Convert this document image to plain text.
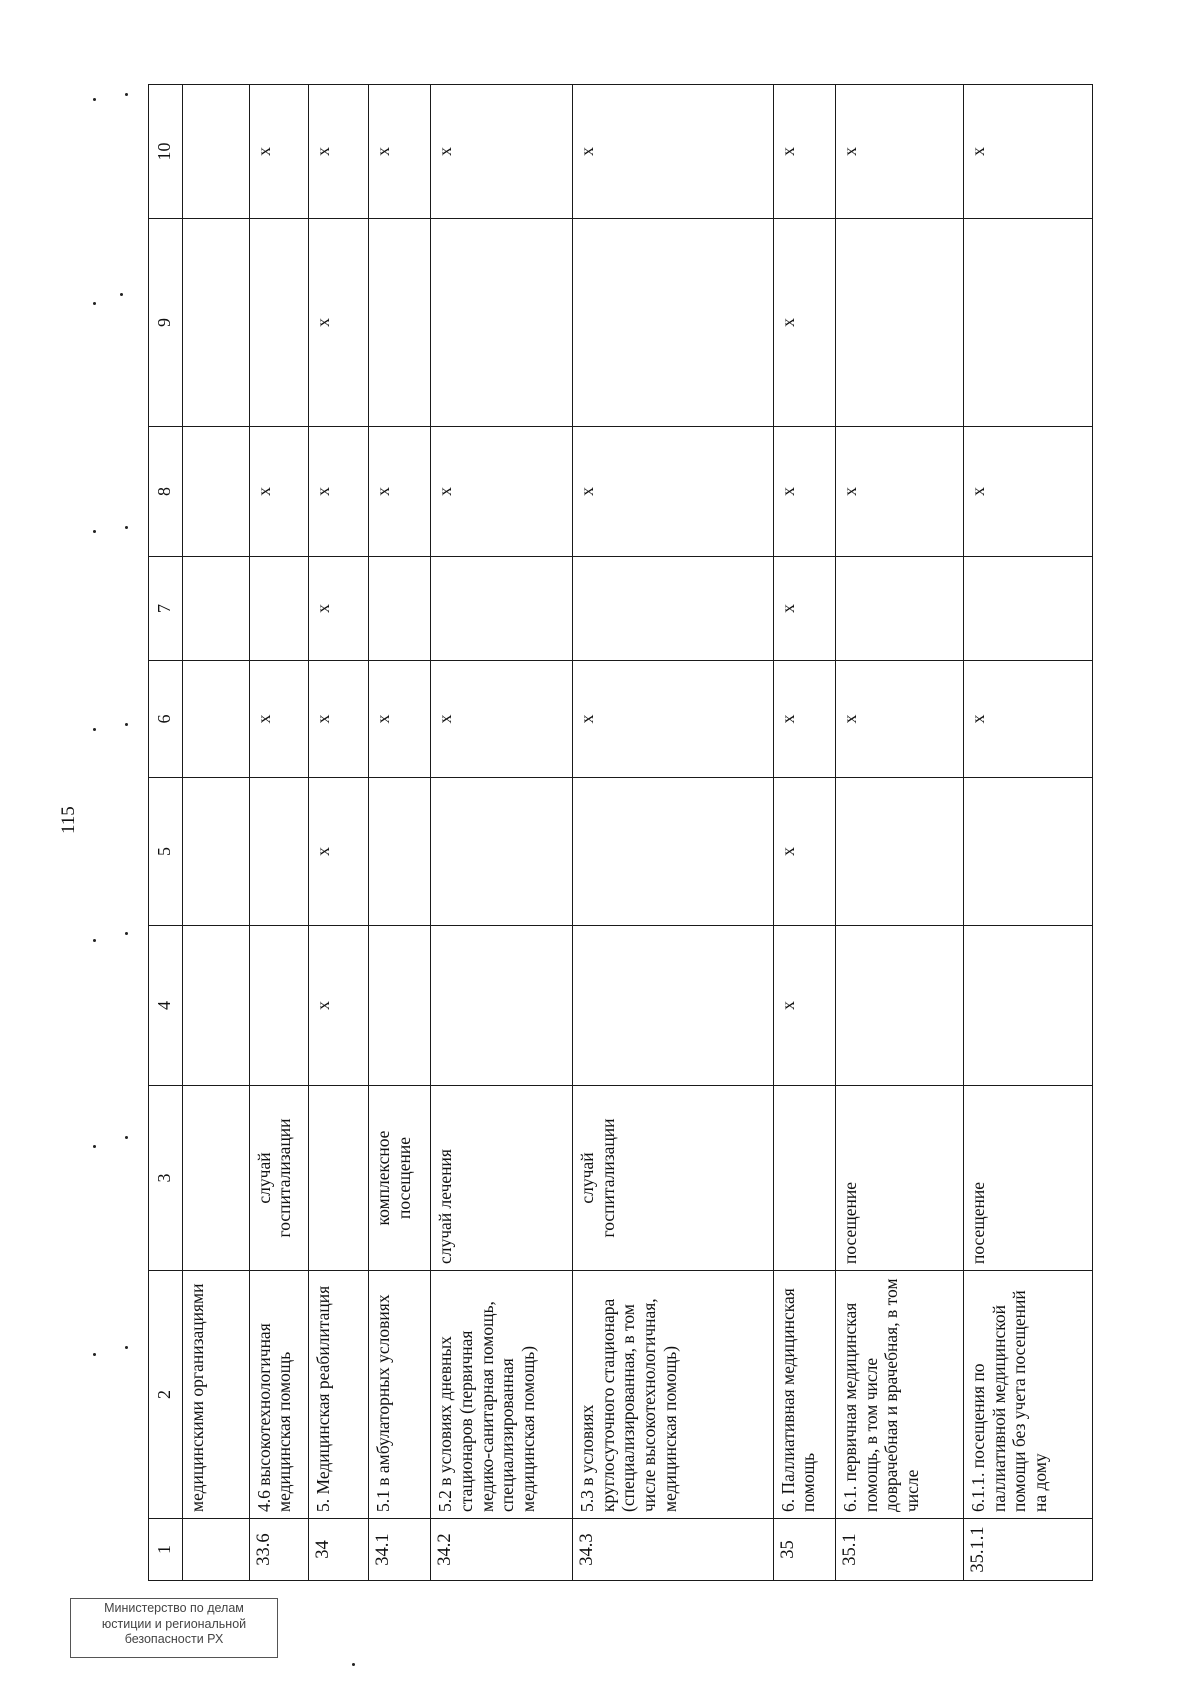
115
1	2	3	4	5	6	7	8	9	10
	медицинскими организациями								
33.6	4.6 высокотехнологичная медицинская помощь	случай госпитализации			х		х		х
34	5. Медицинская реабилитация		х	х	х	х	х	х	х
34.1	5.1 в амбулаторных условиях	комплексное посещение			х		х		х
34.2	5.2 в условиях дневных стационаров (первичная медико-санитарная помощь, специализированная медицинская помощь)	случай лечения			х		х		х
34.3	5.3 в условиях круглосуточного стационара (специализированная, в том числе высокотехнологичная, медицинская помощь)	случай госпитализации			х		х		х
35	6. Паллиативная медицинская помощь		х	х	х	х	х	х	х
35.1	6.1. первичная медицинская помощь, в том числе доврачебная и врачебная, в том числе	посещение			х		х		х
35.1.1	6.1.1. посещения по паллиативной медицинской помощи без учета посещений на дому	посещение			х		х		х
Министерство по делам
юстиции и региональной
безопасности РХ
